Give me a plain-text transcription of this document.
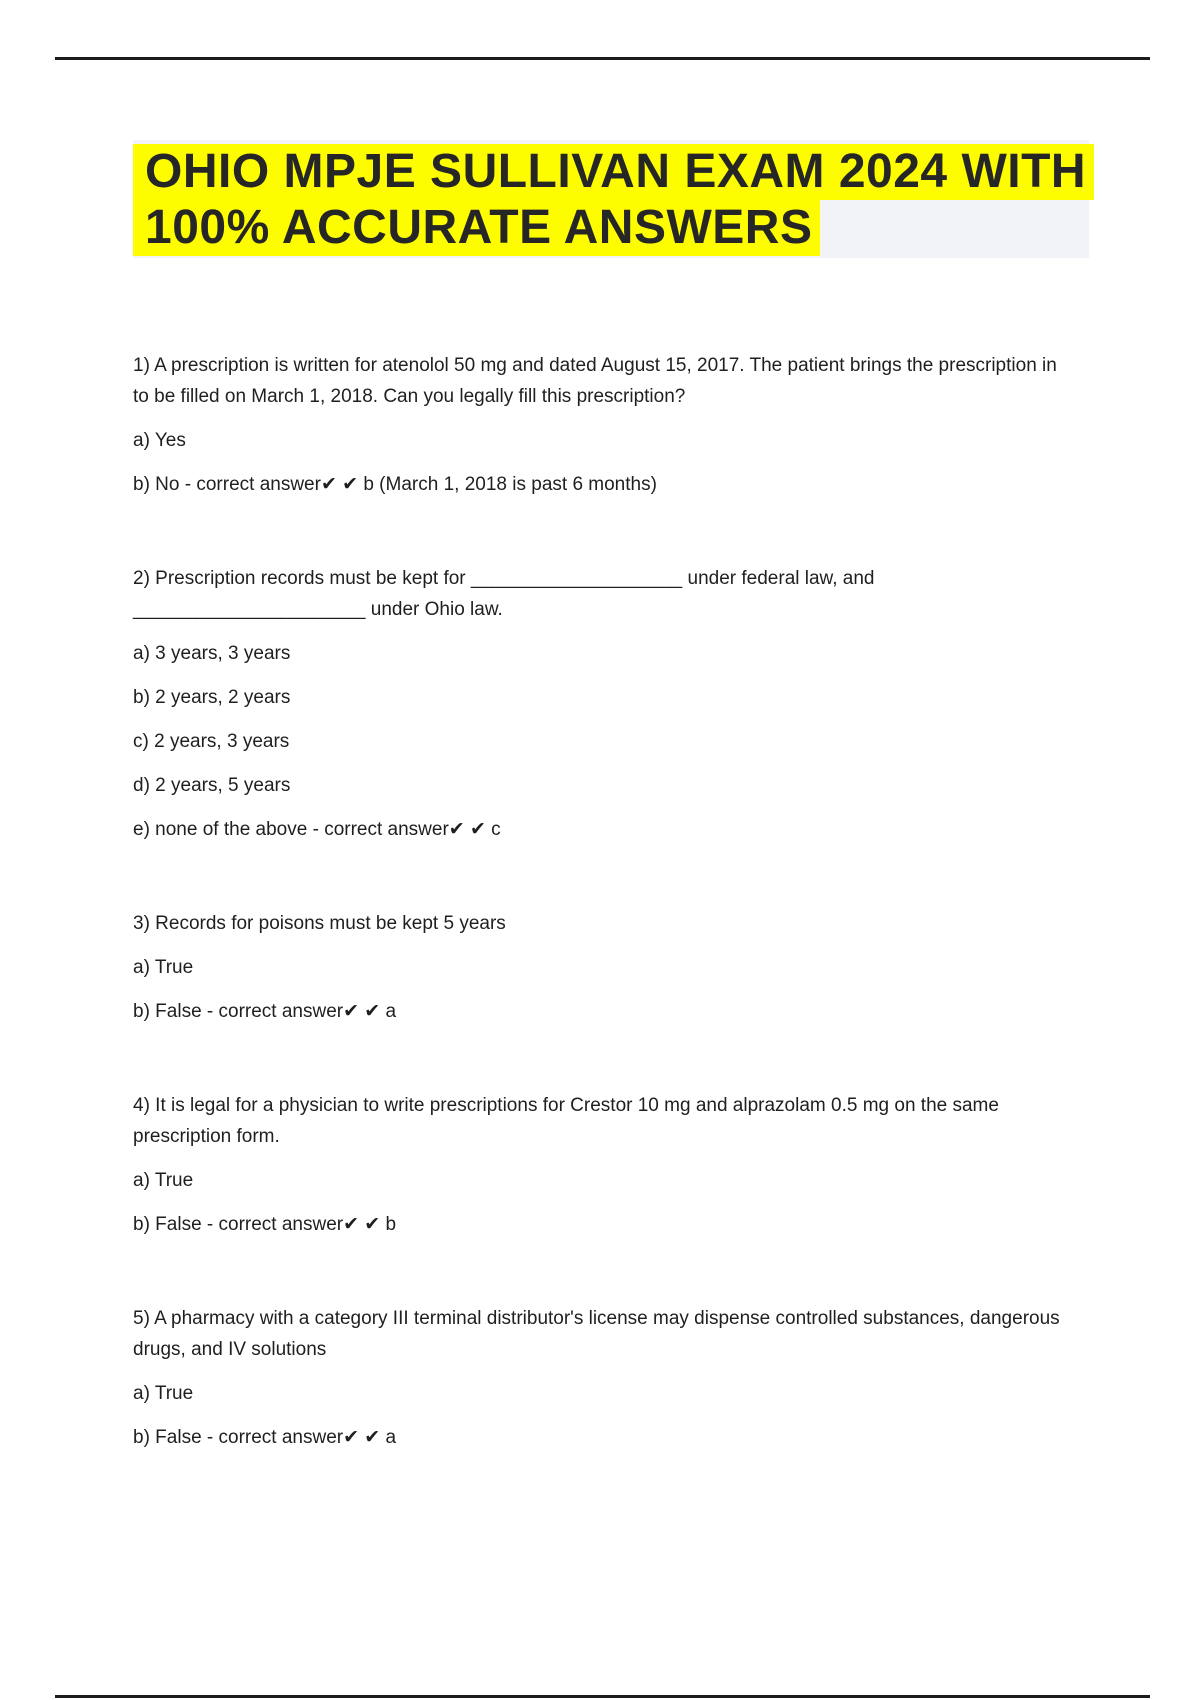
OHIO MPJE SULLIVAN EXAM 2024 WITH
100% ACCURATE ANSWERS

1) A prescription is written for atenolol 50 mg and dated August 15, 2017. The patient brings the prescription in to be filled on March 1, 2018. Can you legally fill this prescription?

a) Yes

b) No - correct answer✔ ✔ b (March 1, 2018 is past 6 months)

2) Prescription records must be kept for ____________________ under federal law, and ______________________ under Ohio law.

a) 3 years, 3 years

b) 2 years, 2 years

c) 2 years, 3 years

d) 2 years, 5 years

e) none of the above - correct answer✔ ✔ c

3) Records for poisons must be kept 5 years

a) True

b) False - correct answer✔ ✔ a

4) It is legal for a physician to write prescriptions for Crestor 10 mg and alprazolam 0.5 mg on the same prescription form.

a) True

b) False - correct answer✔ ✔ b

5) A pharmacy with a category III terminal distributor's license may dispense controlled substances, dangerous drugs, and IV solutions

a) True

b) False - correct answer✔ ✔ a
